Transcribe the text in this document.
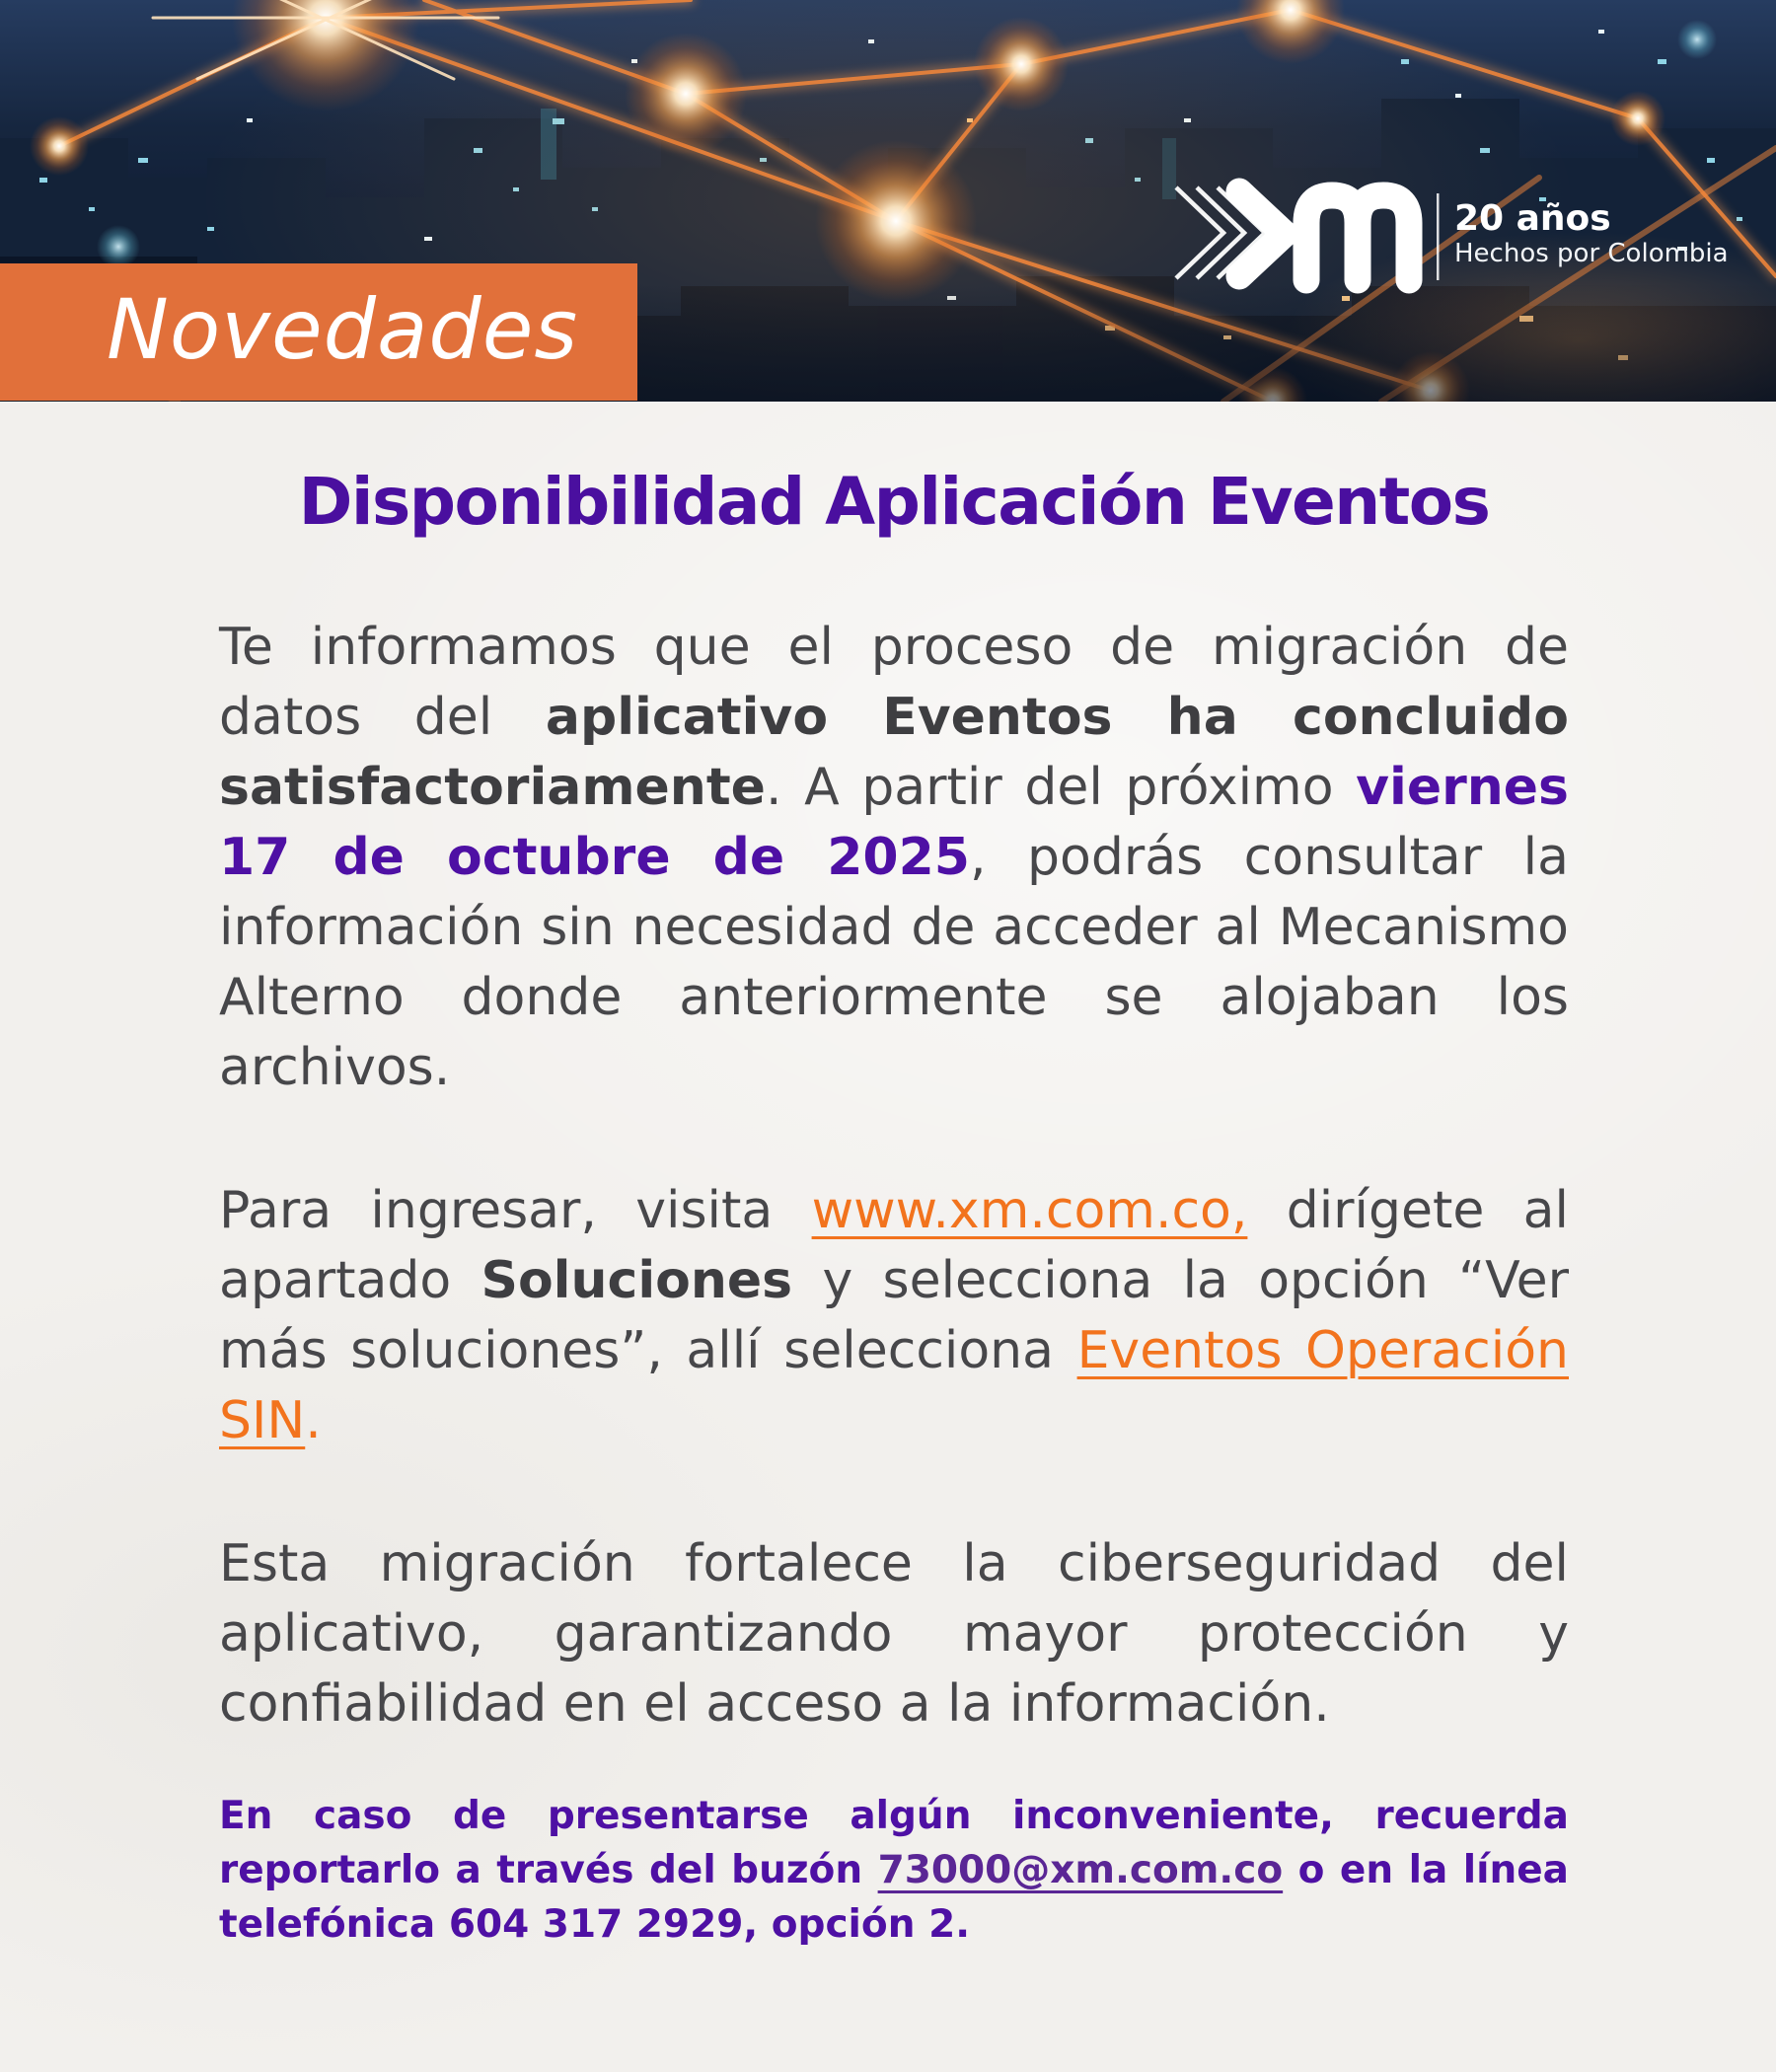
20 años
Hechos por Colombia
Novedades
Disponibilidad Aplicación Eventos

Te informamos que el proceso de migración de datos del aplicativo Eventos ha concluido satisfactoriamente. A partir del próximo viernes 17 de octubre de 2025, podrás consultar la información sin necesidad de acceder al Mecanismo Alterno donde anteriormente se alojaban los archivos.

Para ingresar, visita www.xm.com.co, dirígete al apartado Soluciones y selecciona la opción “Ver más soluciones”, allí selecciona Eventos Operación SIN.

Esta migración fortalece la ciberseguridad del aplicativo, garantizando mayor protección y confiabilidad en el acceso a la información.

En caso de presentarse algún inconveniente, recuerda reportarlo a través del buzón 73000@xm.com.co o en la línea telefónica 604 317 2929, opción 2.
